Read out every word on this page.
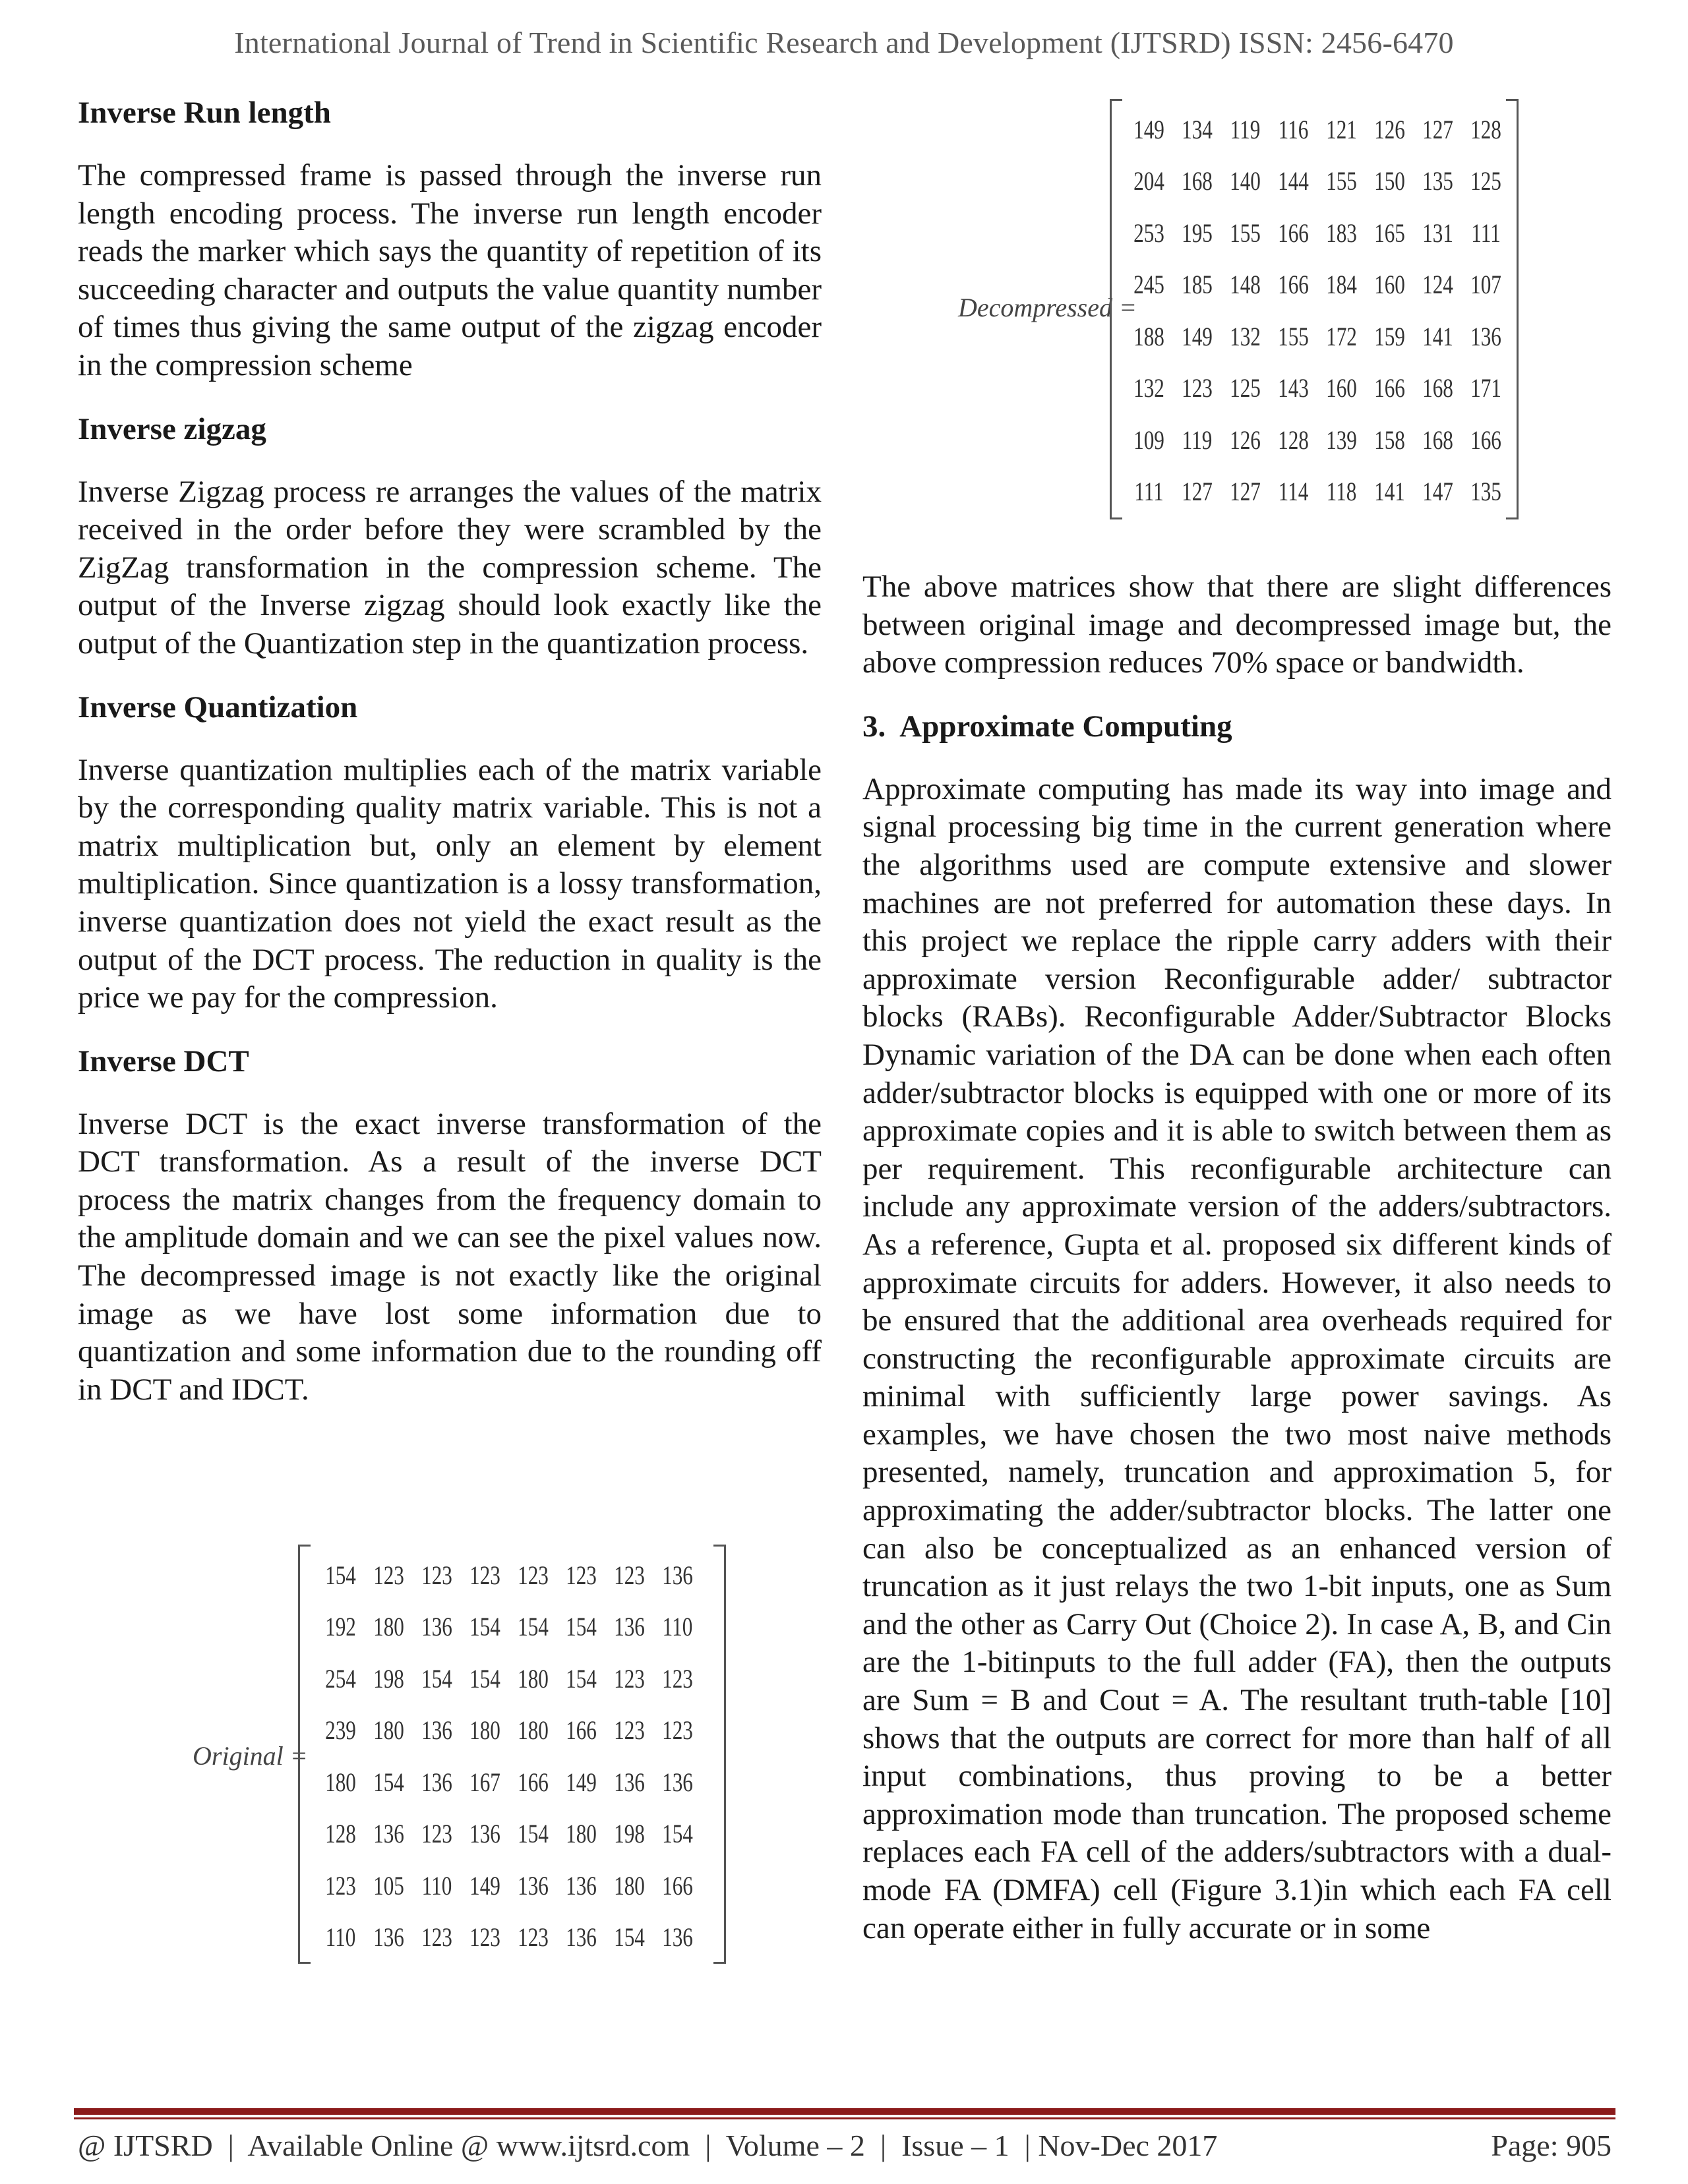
International Journal of Trend in Scientific Research and Development (IJTSRD) ISSN: 2456-6470

Inverse Run length

The compressed frame is passed through the inverse run length encoding process. The inverse run length encoder reads the marker which says the quantity of repetition of its succeeding character and outputs the value quantity number of times thus giving the same output of the zigzag encoder in the compression scheme

Inverse zigzag

Inverse Zigzag process re arranges the values of the matrix received in the order before they were scrambled by the ZigZag transformation in the compression scheme. The output of the Inverse zigzag should look exactly like the output of the Quantization step in the quantization process.

Inverse Quantization

Inverse quantization multiplies each of the matrix variable by the corresponding quality matrix variable. This is not a matrix multiplication but, only an element by element multiplication. Since quantization is a lossy transformation, inverse quantization does not yield the exact result as the output of the DCT process. The reduction in quality is the price we pay for the compression.

Inverse DCT

Inverse DCT is the exact inverse transformation of the DCT transformation. As a result of the inverse DCT process the matrix changes from the frequency domain to the amplitude domain and we can see the pixel values now. The decompressed image is not exactly like the original image as we have lost some information due to quantization and some information due to the rounding off in DCT and IDCT.

Original =
154 123 123 123 123 123 123 136
192 180 136 154 154 154 136 110
254 198 154 154 180 154 123 123
239 180 136 180 180 166 123 123
180 154 136 167 166 149 136 136
128 136 123 136 154 180 198 154
123 105 110 149 136 136 180 166
110 136 123 123 123 136 154 136
Decompressed =
149 134 119 116 121 126 127 128
204 168 140 144 155 150 135 125
253 195 155 166 183 165 131 111
245 185 148 166 184 160 124 107
188 149 132 155 172 159 141 136
132 123 125 143 160 166 168 171
109 119 126 128 139 158 168 166
111 127 127 114 118 141 147 135

The above matrices show that there are slight differences between original image and decompressed image but, the above compression reduces 70% space or bandwidth.

3.  Approximate Computing

Approximate computing has made its way into image and signal processing big time in the current generation where the algorithms used are compute extensive and slower machines are not preferred for automation these days. In this project we replace the ripple carry adders with their approximate version Reconfigurable adder/ subtractor blocks (RABs). Reconfigurable Adder/Subtractor Blocks Dynamic variation of the DA can be done when each often adder/subtractor blocks is equipped with one or more of its approximate copies and it is able to switch between them as per requirement. This reconfigurable architecture can include any approximate version of the adders/subtractors. As a reference, Gupta et al. proposed six different kinds of approximate circuits for adders. However, it also needs to be ensured that the additional area overheads required for constructing the reconfigurable approximate circuits are minimal with sufficiently large power savings. As examples, we have chosen the two most naive methods presented, namely, truncation and approximation 5, for approximating the adder/subtractor blocks. The latter one can also be conceptualized as an enhanced version of truncation as it just relays the two 1-bit inputs, one as Sum and the other as Carry Out (Choice 2). In case A, B, and Cin are the 1-bitinputs to the full adder (FA), then the outputs are Sum = B and Cout = A. The resultant truth-table [10] shows that the outputs are correct for more than half of all input combinations, thus proving to be a better approximation mode than truncation. The proposed scheme replaces each FA cell of the adders/subtractors with a dual-mode FA (DMFA) cell (Figure 3.1)in which each FA cell can operate either in fully accurate or in some

@ IJTSRD  |  Available Online @ www.ijtsrd.com  |  Volume – 2  |  Issue – 1  | Nov-Dec 2017	Page: 905
